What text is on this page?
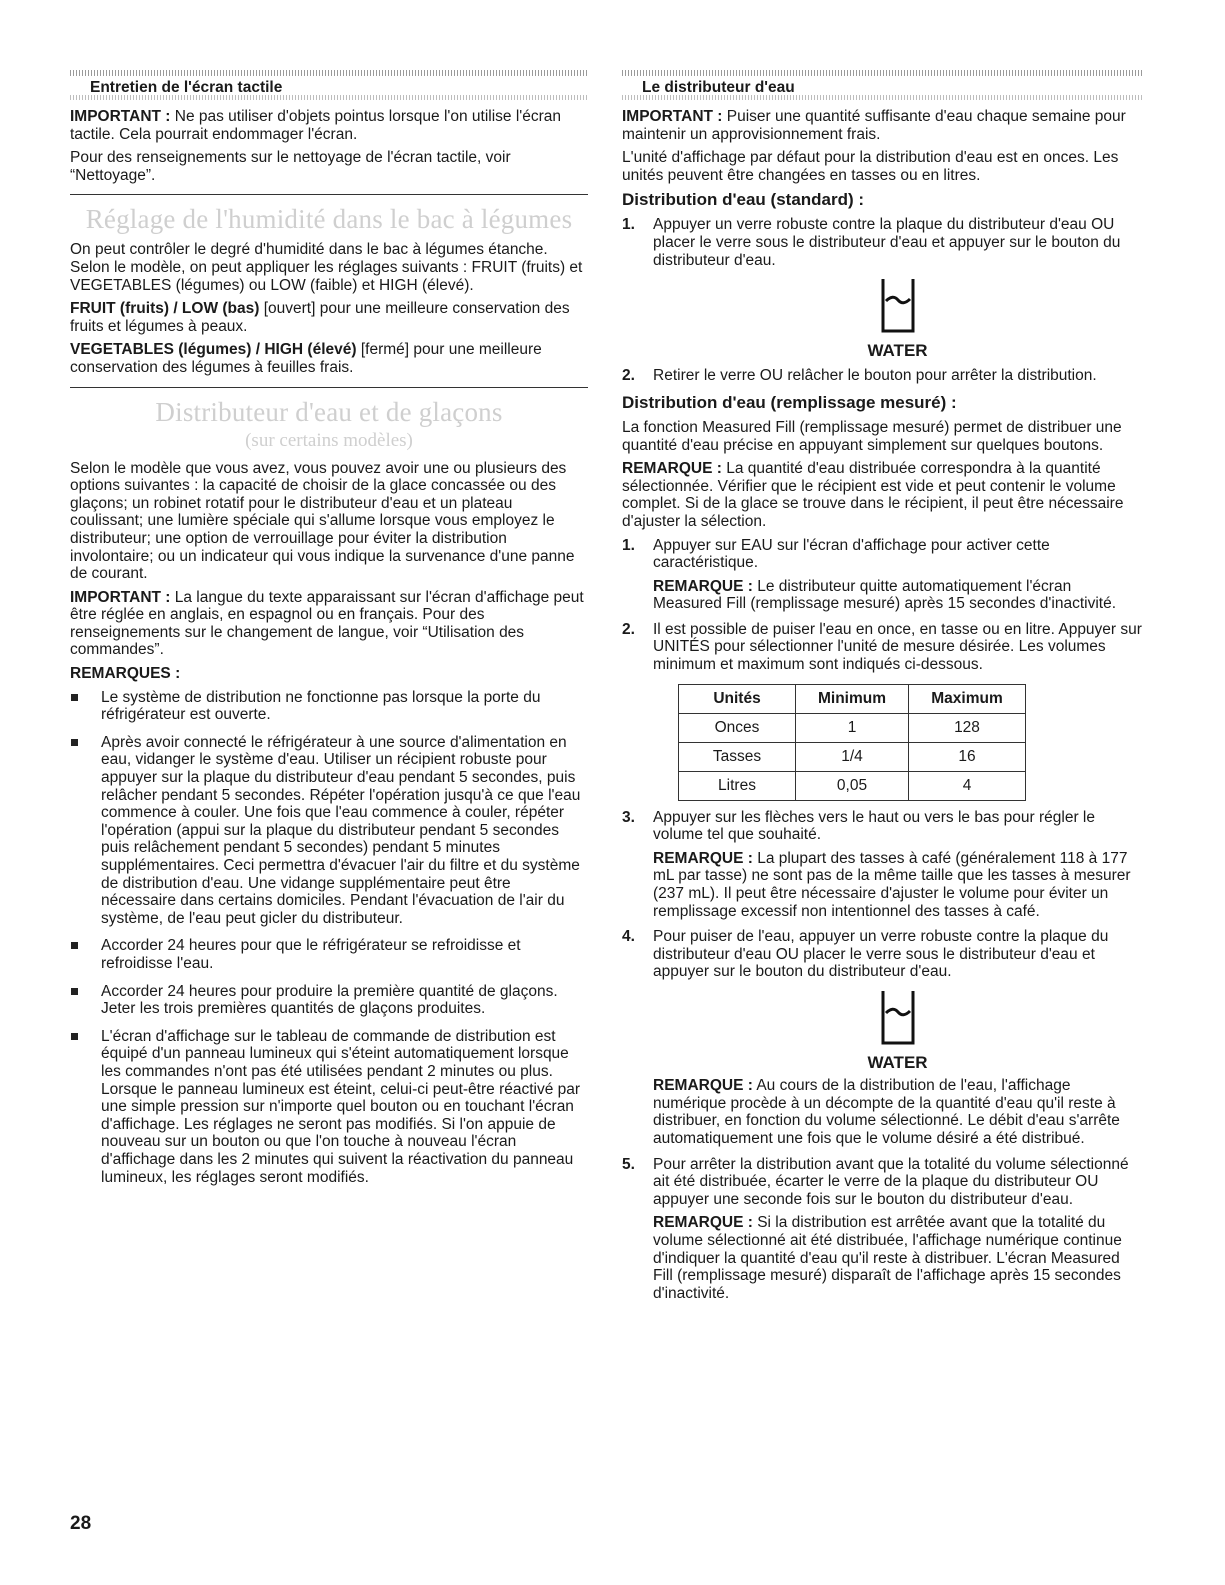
Entretien de l'écran tactile

IMPORTANT : Ne pas utiliser d'objets pointus lorsque l'on utilise l'écran tactile. Cela pourrait endommager l'écran.

Pour des renseignements sur le nettoyage de l'écran tactile, voir “Nettoyage”.

Réglage de l'humidité dans le bac à légumes

On peut contrôler le degré d'humidité dans le bac à légumes étanche. Selon le modèle, on peut appliquer les réglages suivants : FRUIT (fruits) et VEGETABLES (légumes) ou LOW (faible) et HIGH (élevé).

FRUIT (fruits) / LOW (bas) [ouvert] pour une meilleure conservation des fruits et légumes à peaux.

VEGETABLES (légumes) / HIGH (élevé) [fermé] pour une meilleure conservation des légumes à feuilles frais.

Distributeur d'eau et de glaçons
(sur certains modèles)

Selon le modèle que vous avez, vous pouvez avoir une ou plusieurs des options suivantes : la capacité de choisir de la glace concassée ou des glaçons; un robinet rotatif pour le distributeur d'eau et un plateau coulissant; une lumière spéciale qui s'allume lorsque vous employez le distributeur; une option de verrouillage pour éviter la distribution involontaire; ou un indicateur qui vous indique la survenance d'une panne de courant.

IMPORTANT : La langue du texte apparaissant sur l'écran d'affichage peut être réglée en anglais, en espagnol ou en français. Pour des renseignements sur le changement de langue, voir “Utilisation des commandes”.

REMARQUES :

Le système de distribution ne fonctionne pas lorsque la porte du réfrigérateur est ouverte.
Après avoir connecté le réfrigérateur à une source d'alimentation en eau, vidanger le système d'eau. Utiliser un récipient robuste pour appuyer sur la plaque du distributeur d'eau pendant 5 secondes, puis relâcher pendant 5 secondes. Répéter l'opération jusqu'à ce que l'eau commence à couler. Une fois que l'eau commence à couler, répéter l'opération (appui sur la plaque du distributeur pendant 5 secondes puis relâchement pendant 5 secondes) pendant 5 minutes supplémentaires. Ceci permettra d'évacuer l'air du filtre et du système de distribution d'eau. Une vidange supplémentaire peut être nécessaire dans certains domiciles. Pendant l'évacuation de l'air du système, de l'eau peut gicler du distributeur.
Accorder 24 heures pour que le réfrigérateur se refroidisse et refroidisse l'eau.
Accorder 24 heures pour produire la première quantité de glaçons. Jeter les trois premières quantités de glaçons produites.
L'écran d'affichage sur le tableau de commande de distribution est équipé d'un panneau lumineux qui s'éteint automatiquement lorsque les commandes n'ont pas été utilisées pendant 2 minutes ou plus. Lorsque le panneau lumineux est éteint, celui-ci peut-être réactivé par une simple pression sur n'importe quel bouton ou en touchant l'écran d'affichage. Les réglages ne seront pas modifiés. Si l'on appuie de nouveau sur un bouton ou que l'on touche à nouveau l'écran d'affichage dans les 2 minutes qui suivent la réactivation du panneau lumineux, les réglages seront modifiés.
Le distributeur d'eau

IMPORTANT : Puiser une quantité suffisante d'eau chaque semaine pour maintenir un approvisionnement frais.

L'unité d'affichage par défaut pour la distribution d'eau est en onces. Les unités peuvent être changées en tasses ou en litres.

Distribution d'eau (standard) :
1. Appuyer un verre robuste contre la plaque du distributeur d'eau OU placer le verre sous le distributeur d'eau et appuyer sur le bouton du distributeur d'eau.
WATER
2. Retirer le verre OU relâcher le bouton pour arrêter la distribution.
Distribution d'eau (remplissage mesuré) :

La fonction Measured Fill (remplissage mesuré) permet de distribuer une quantité d'eau précise en appuyant simplement sur quelques boutons.

REMARQUE : La quantité d'eau distribuée correspondra à la quantité sélectionnée. Vérifier que le récipient est vide et peut contenir le volume complet. Si de la glace se trouve dans le récipient, il peut être nécessaire d'ajuster la sélection.

1. Appuyer sur EAU sur l'écran d'affichage pour activer cette caractéristique.

REMARQUE : Le distributeur quitte automatiquement l'écran Measured Fill (remplissage mesuré) après 15 secondes d'inactivité.

2. Il est possible de puiser l'eau en once, en tasse ou en litre. Appuyer sur UNITÉS pour sélectionner l'unité de mesure désirée. Les volumes minimum et maximum sont indiqués ci-dessous.
Unités	Minimum	Maximum
Onces	1	128
Tasses	1/4	16
Litres	0,05	4
3. Appuyer sur les flèches vers le haut ou vers le bas pour régler le volume tel que souhaité.

REMARQUE : La plupart des tasses à café (généralement 118 à 177 mL par tasse) ne sont pas de la même taille que les tasses à mesurer (237 mL). Il peut être nécessaire d'ajuster le volume pour éviter un remplissage excessif non intentionnel des tasses à café.

4. Pour puiser de l'eau, appuyer un verre robuste contre la plaque du distributeur d'eau OU placer le verre sous le distributeur d'eau et appuyer sur le bouton du distributeur d'eau.
WATER

REMARQUE : Au cours de la distribution de l'eau, l'affichage numérique procède à un décompte de la quantité d'eau qu'il reste à distribuer, en fonction du volume sélectionné. Le débit d'eau s'arrête automatiquement une fois que le volume désiré a été distribué.

5. Pour arrêter la distribution avant que la totalité du volume sélectionné ait été distribuée, écarter le verre de la plaque du distributeur OU appuyer une seconde fois sur le bouton du distributeur d'eau.

REMARQUE : Si la distribution est arrêtée avant que la totalité du volume sélectionné ait été distribuée, l'affichage numérique continue d'indiquer la quantité d'eau qu'il reste à distribuer. L'écran Measured Fill (remplissage mesuré) disparaît de l'affichage après 15 secondes d'inactivité.

28
